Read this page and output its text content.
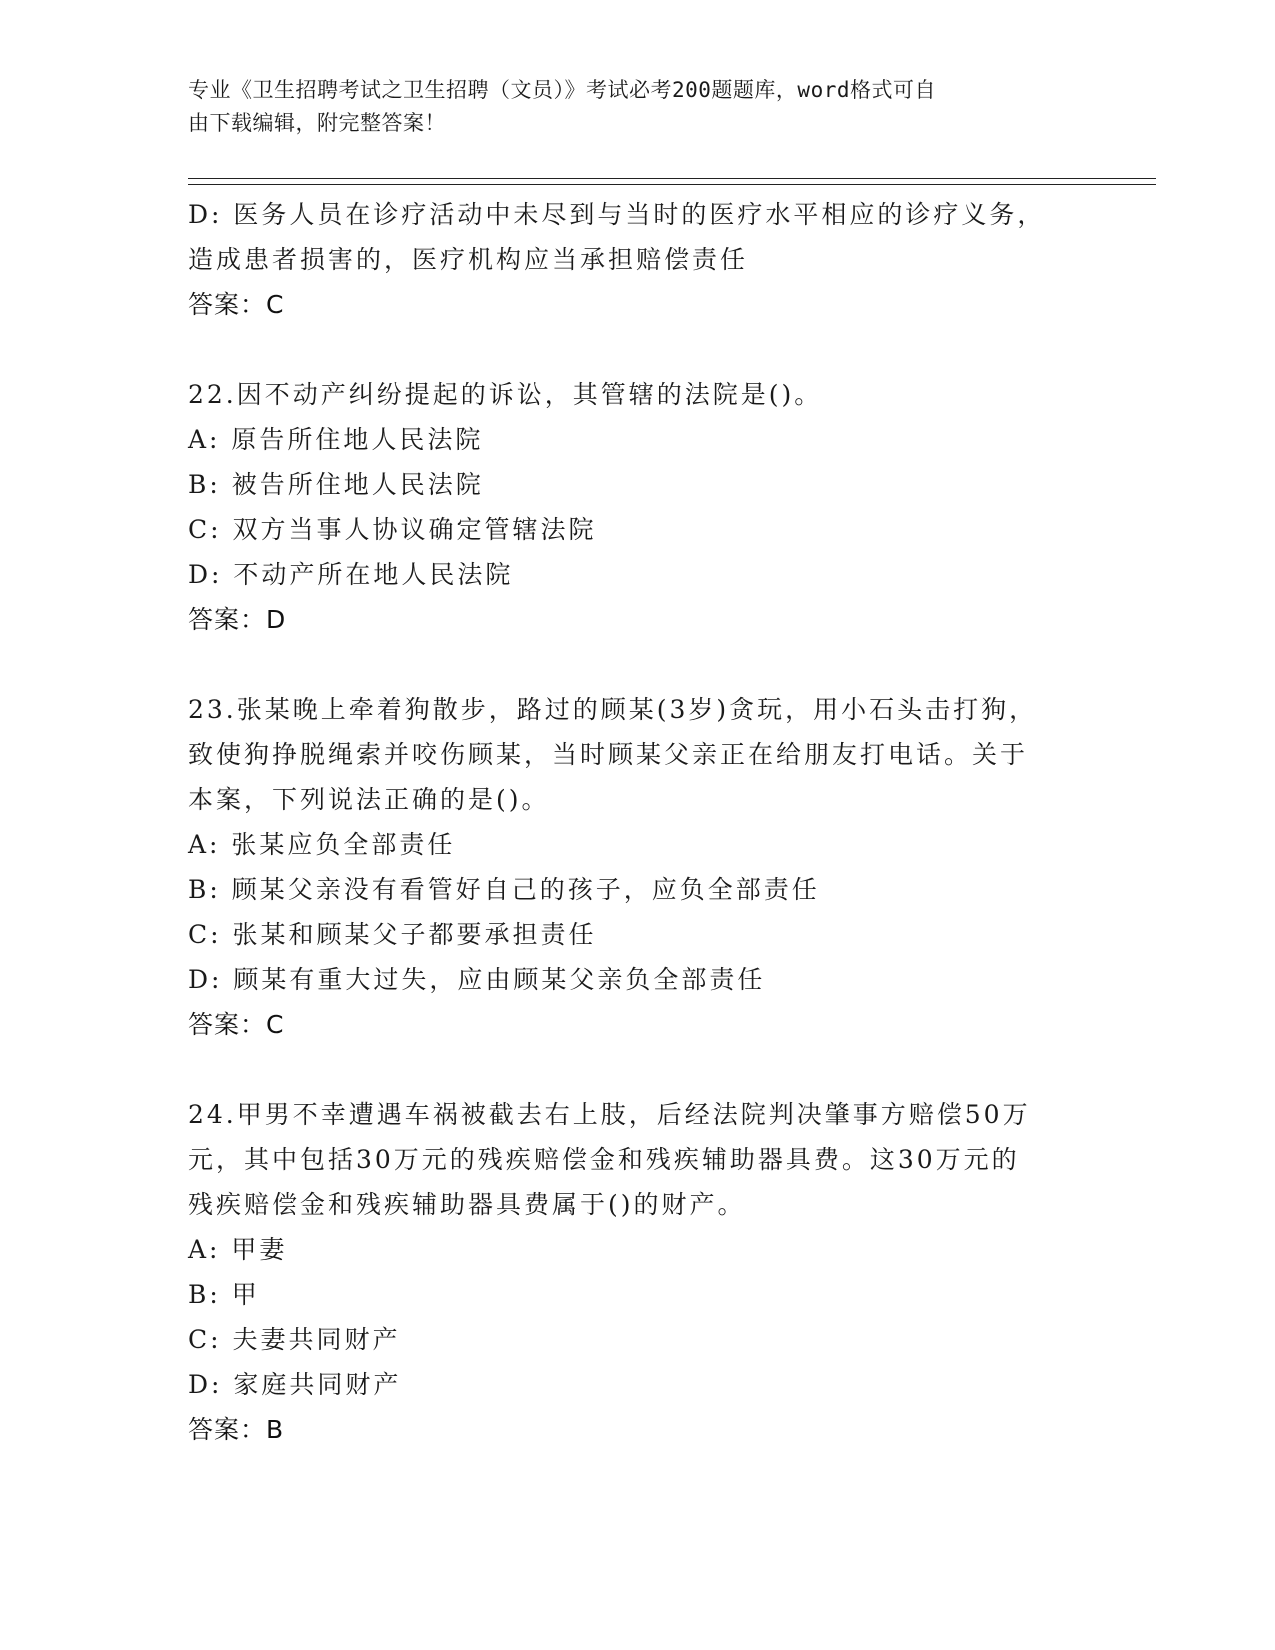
专业《卫生招聘考试之卫生招聘（文员）》考试必考200题题库，word格式可自
由下载编辑，附完整答案！
D: 医务人员在诊疗活动中未尽到与当时的医疗水平相应的诊疗义务，
造成患者损害的，医疗机构应当承担赔偿责任
答案：C
22.因不动产纠纷提起的诉讼，其管辖的法院是()。
A: 原告所住地人民法院
B: 被告所住地人民法院
C: 双方当事人协议确定管辖法院
D: 不动产所在地人民法院
答案：D
23.张某晚上牵着狗散步，路过的顾某(3岁)贪玩，用小石头击打狗，
致使狗挣脱绳索并咬伤顾某，当时顾某父亲正在给朋友打电话。关于
本案，下列说法正确的是()。
A: 张某应负全部责任
B: 顾某父亲没有看管好自己的孩子，应负全部责任
C: 张某和顾某父子都要承担责任
D: 顾某有重大过失，应由顾某父亲负全部责任
答案：C
24.甲男不幸遭遇车祸被截去右上肢，后经法院判决肇事方赔偿50万
元，其中包括30万元的残疾赔偿金和残疾辅助器具费。这30万元的
残疾赔偿金和残疾辅助器具费属于()的财产。
A: 甲妻
B: 甲
C: 夫妻共同财产
D: 家庭共同财产
答案：B
